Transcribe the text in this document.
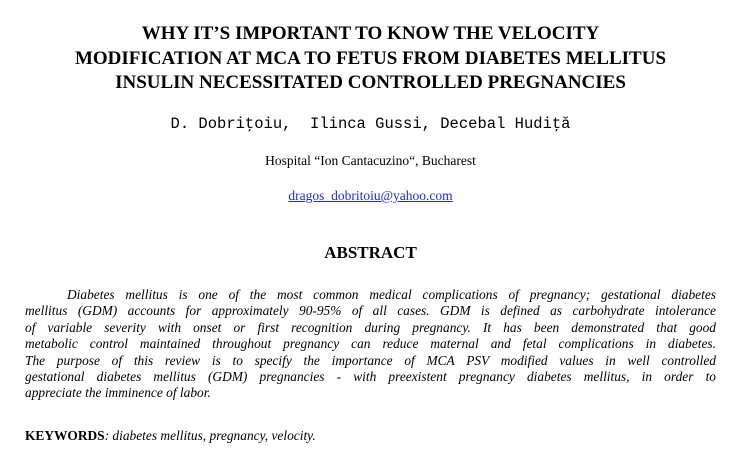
WHY IT’S IMPORTANT TO KNOW THE VELOCITY
MODIFICATION AT MCA TO FETUS FROM DIABETES MELLITUS
INSULIN NECESSITATED CONTROLLED PREGNANCIES
D. Dobriţoiu,  Ilinca Gussi, Decebal Hudiţă
Hospital “Ion Cantacuzino“, Bucharest
dragos_dobritoiu@yahoo.com
ABSTRACT
Diabetes mellitus is one of the most common medical complications of pregnancy; gestational diabetes
mellitus (GDM) accounts for approximately 90-95% of all cases. GDM is defined as carbohydrate intolerance
of variable severity with onset or first recognition during pregnancy. It has been demonstrated that good
metabolic control maintained throughout pregnancy can reduce maternal and fetal complications in diabetes.
The purpose of this review is to specify the importance of MCA PSV modified values in well controlled
gestational diabetes mellitus (GDM) pregnancies - with preexistent pregnancy diabetes mellitus, in order to
appreciate the imminence of labor.
KEYWORDS: diabetes mellitus, pregnancy, velocity.
